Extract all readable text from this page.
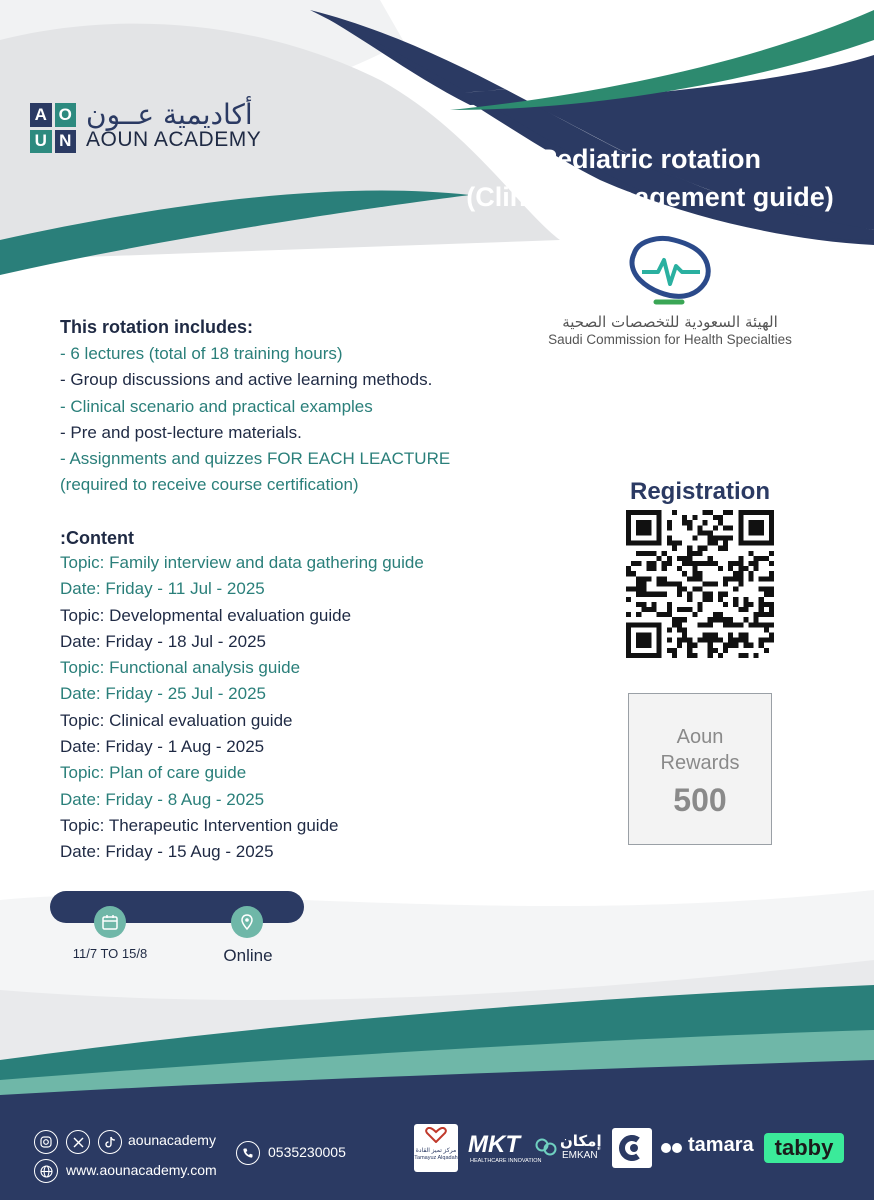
A O
U N
أكاديمية عــون
AOUN ACADEMY
Pediatric rotation
(Clinical management guide)
الهيئة السعودية للتخصصات الصحية
Saudi Commission for Health Specialties
This rotation includes:
- 6 lectures (total of 18 training hours)
- Group discussions and active learning methods.
- Clinical scenario and practical examples
- Pre and post-lecture materials.
- Assignments and quizzes FOR EACH LEACTURE
(required to receive course certification)
:Content
Topic: Family interview and data gathering guide
Date: Friday - 11 Jul - 2025
Topic: Developmental evaluation guide
Date: Friday - 18 Jul - 2025
Topic: Functional analysis guide
Date: Friday - 25 Jul - 2025
Topic: Clinical evaluation guide
Date: Friday - 1 Aug - 2025
Topic: Plan of care guide
Date: Friday - 8 Aug - 2025
Topic: Therapeutic Intervention guide
Date: Friday - 15 Aug - 2025
Registration
Aoun
Rewards
500
11/7 TO 15/8	Online
aounacademy
www.aounacademy.com
0535230005	مركز تميز القادة
Tamayuz Alqadah MKT
HEALTHCARE INNOVATION
إمكان
EMKAN	tamara tabby
